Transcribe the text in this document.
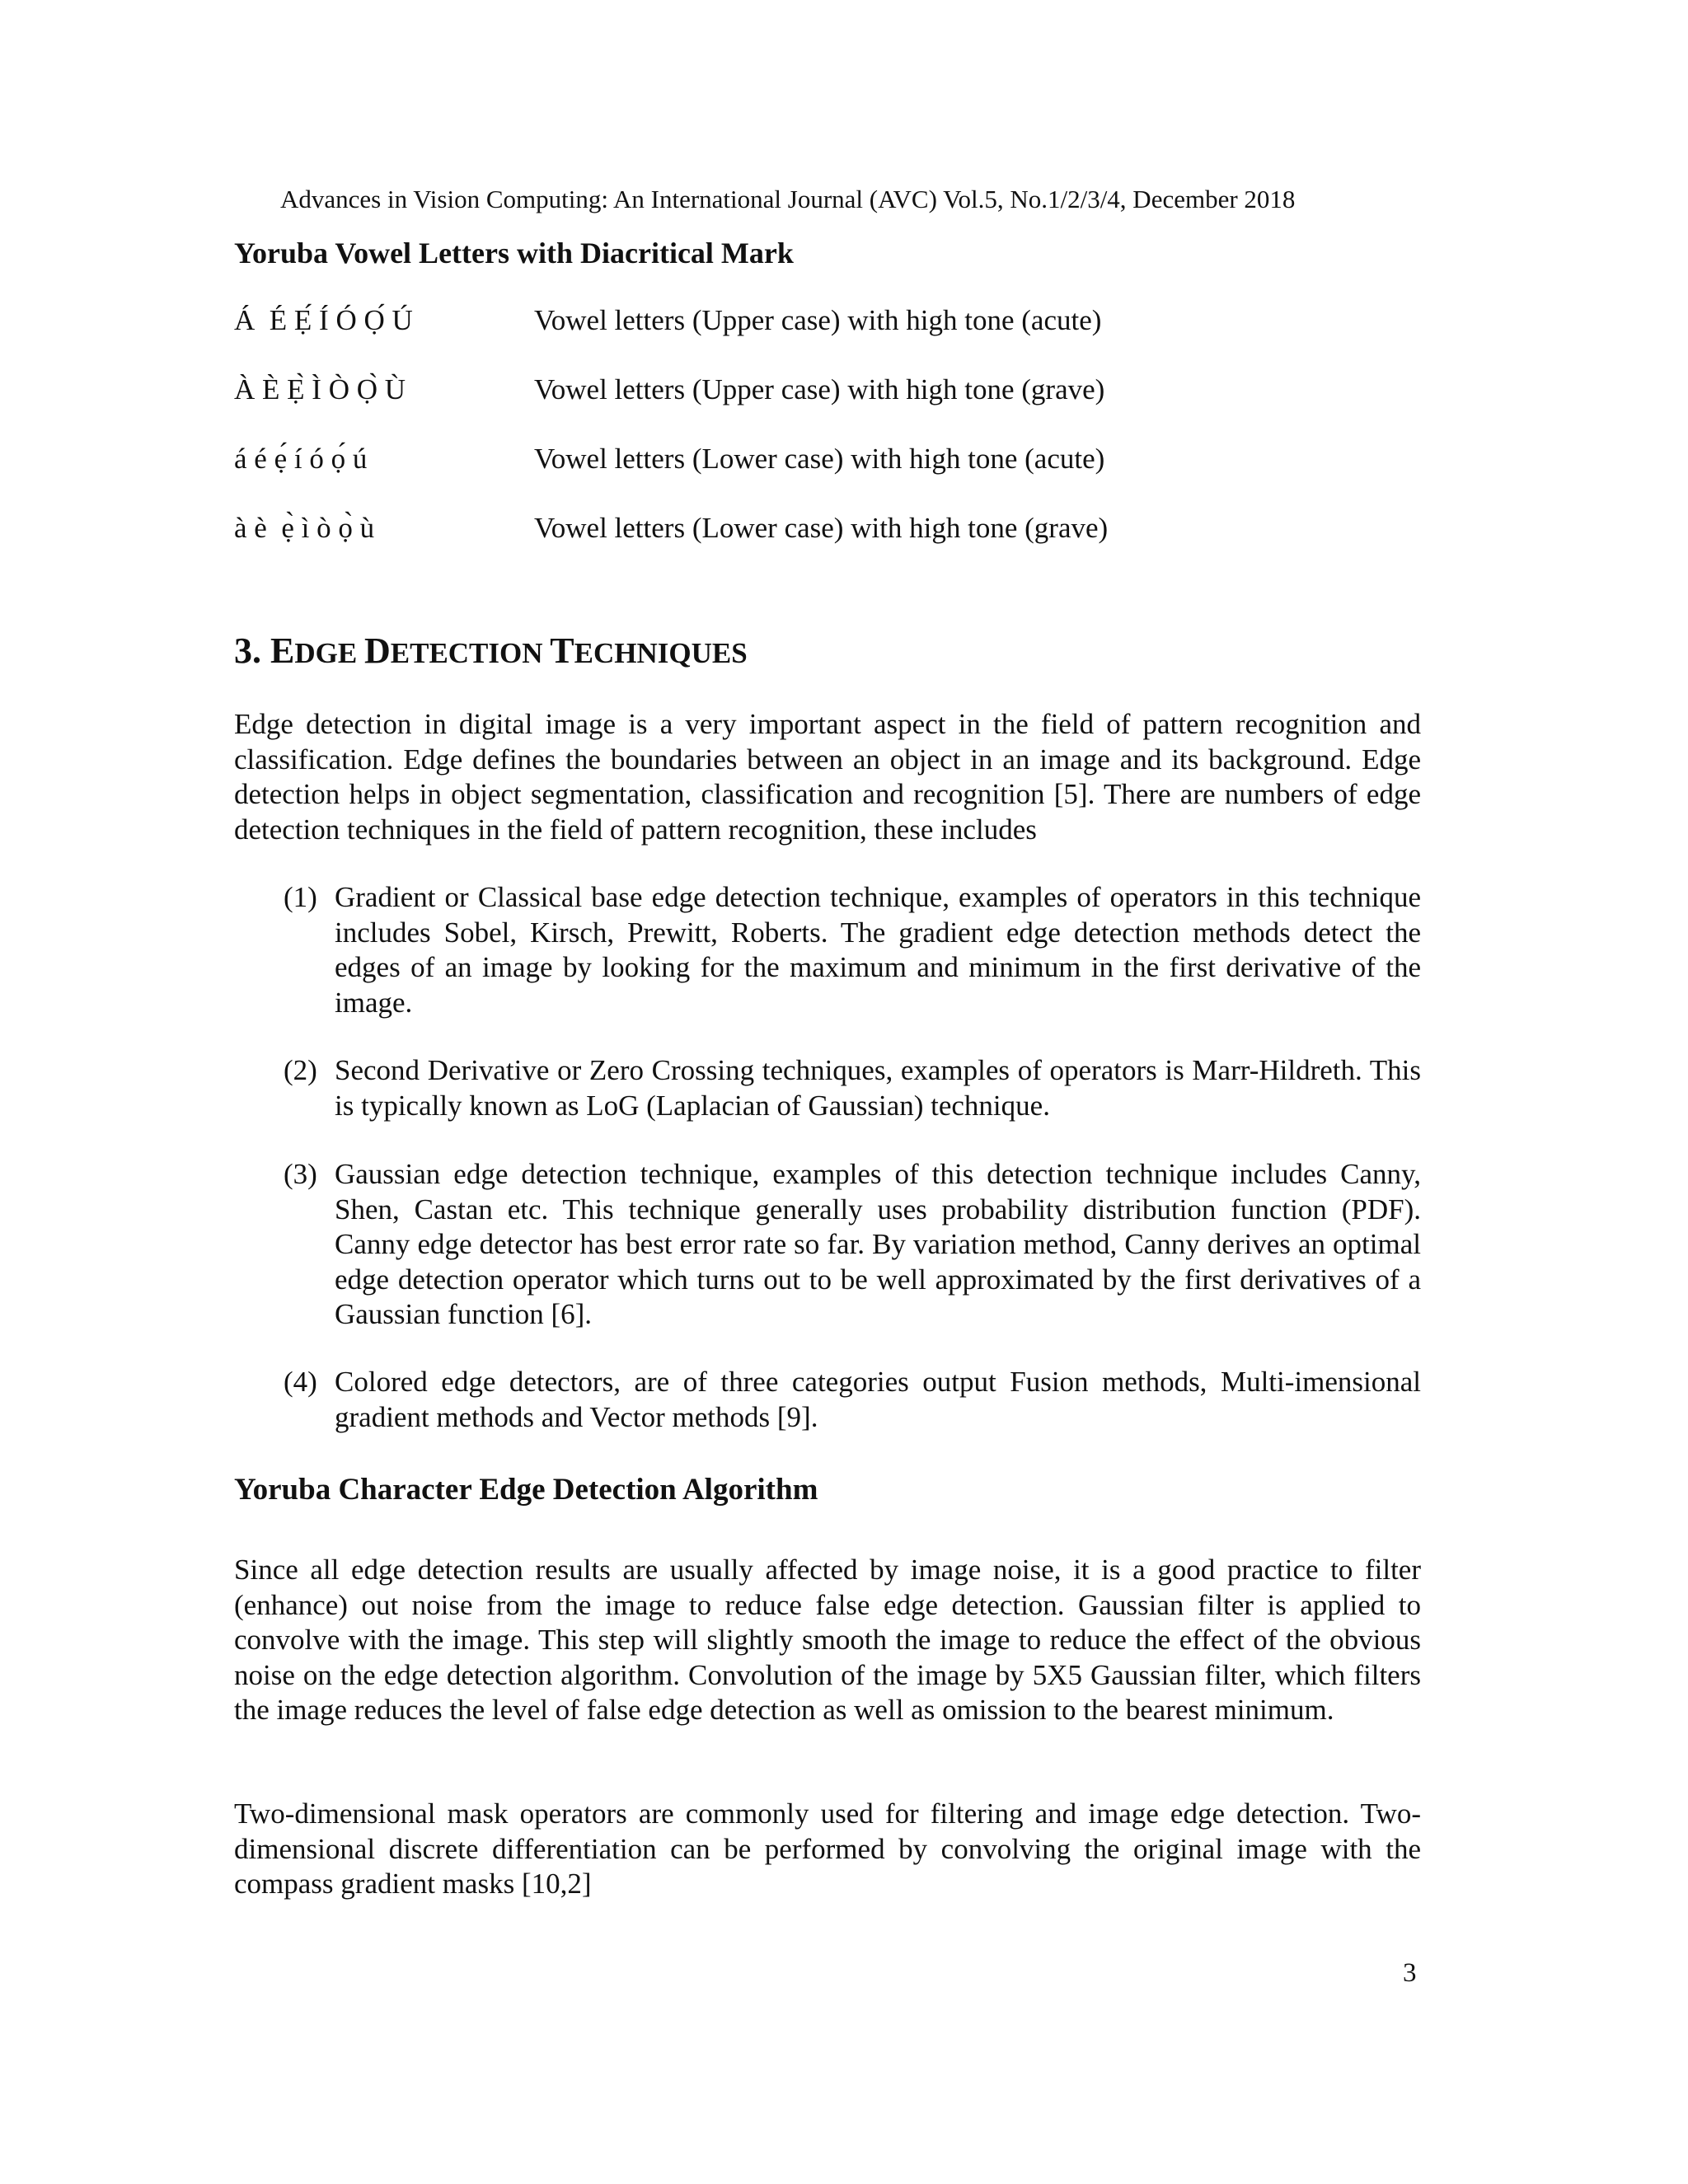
Advances in Vision Computing: An International Journal (AVC) Vol.5, No.1/2/3/4, December 2018
Yoruba Vowel Letters with Diacritical Mark
Á  É Ẹ́ Í Ó Ọ́ Ú	Vowel letters (Upper case) with high tone (acute)
À È Ẹ̀ Ì Ò Ọ̀ Ù	Vowel letters (Upper case) with high tone (grave)
á é ẹ́ í ó ọ́ ú	Vowel letters (Lower case) with high tone (acute)
à è  ẹ̀ ì ò ọ̀ ù	Vowel letters (Lower case) with high tone (grave)
3. EDGE DETECTION TECHNIQUES

Edge detection in digital image is a very important aspect in the field of pattern recognition and classification. Edge defines the boundaries between an object in an image and its background. Edge detection helps in object segmentation, classification and recognition [5]. There are numbers of edge detection techniques in the field of pattern recognition, these includes

(1) Gradient or Classical base edge detection technique, examples of operators in this technique includes Sobel, Kirsch, Prewitt, Roberts. The gradient edge detection methods detect the edges of an image by looking for the maximum and minimum in the first derivative of the image.

(2) Second Derivative or Zero Crossing techniques, examples of operators is Marr-Hildreth. This is typically known as LoG (Laplacian of Gaussian) technique.

(3) Gaussian edge detection technique, examples of this detection technique includes Canny, Shen, Castan etc. This technique generally uses probability distribution function (PDF). Canny edge detector has best error rate so far. By variation method, Canny derives an optimal edge detection operator which turns out to be well approximated by the first derivatives of a Gaussian function [6].

(4) Colored edge detectors, are of three categories output Fusion methods, Multi-imensional gradient methods and Vector methods [9].

Yoruba Character Edge Detection Algorithm

Since all edge detection results are usually affected by image noise, it is a good practice to filter (enhance) out noise from the image to reduce false edge detection. Gaussian filter is applied to convolve with the image. This step will slightly smooth the image to reduce the effect of the obvious noise on the edge detection algorithm. Convolution of the image by 5X5 Gaussian filter, which filters the image reduces the level of false edge detection as well as omission to the bearest minimum.

Two-dimensional mask operators are commonly used for filtering and image edge detection. Two-dimensional discrete differentiation can be performed by convolving the original image with the compass gradient masks [10,2]

3
